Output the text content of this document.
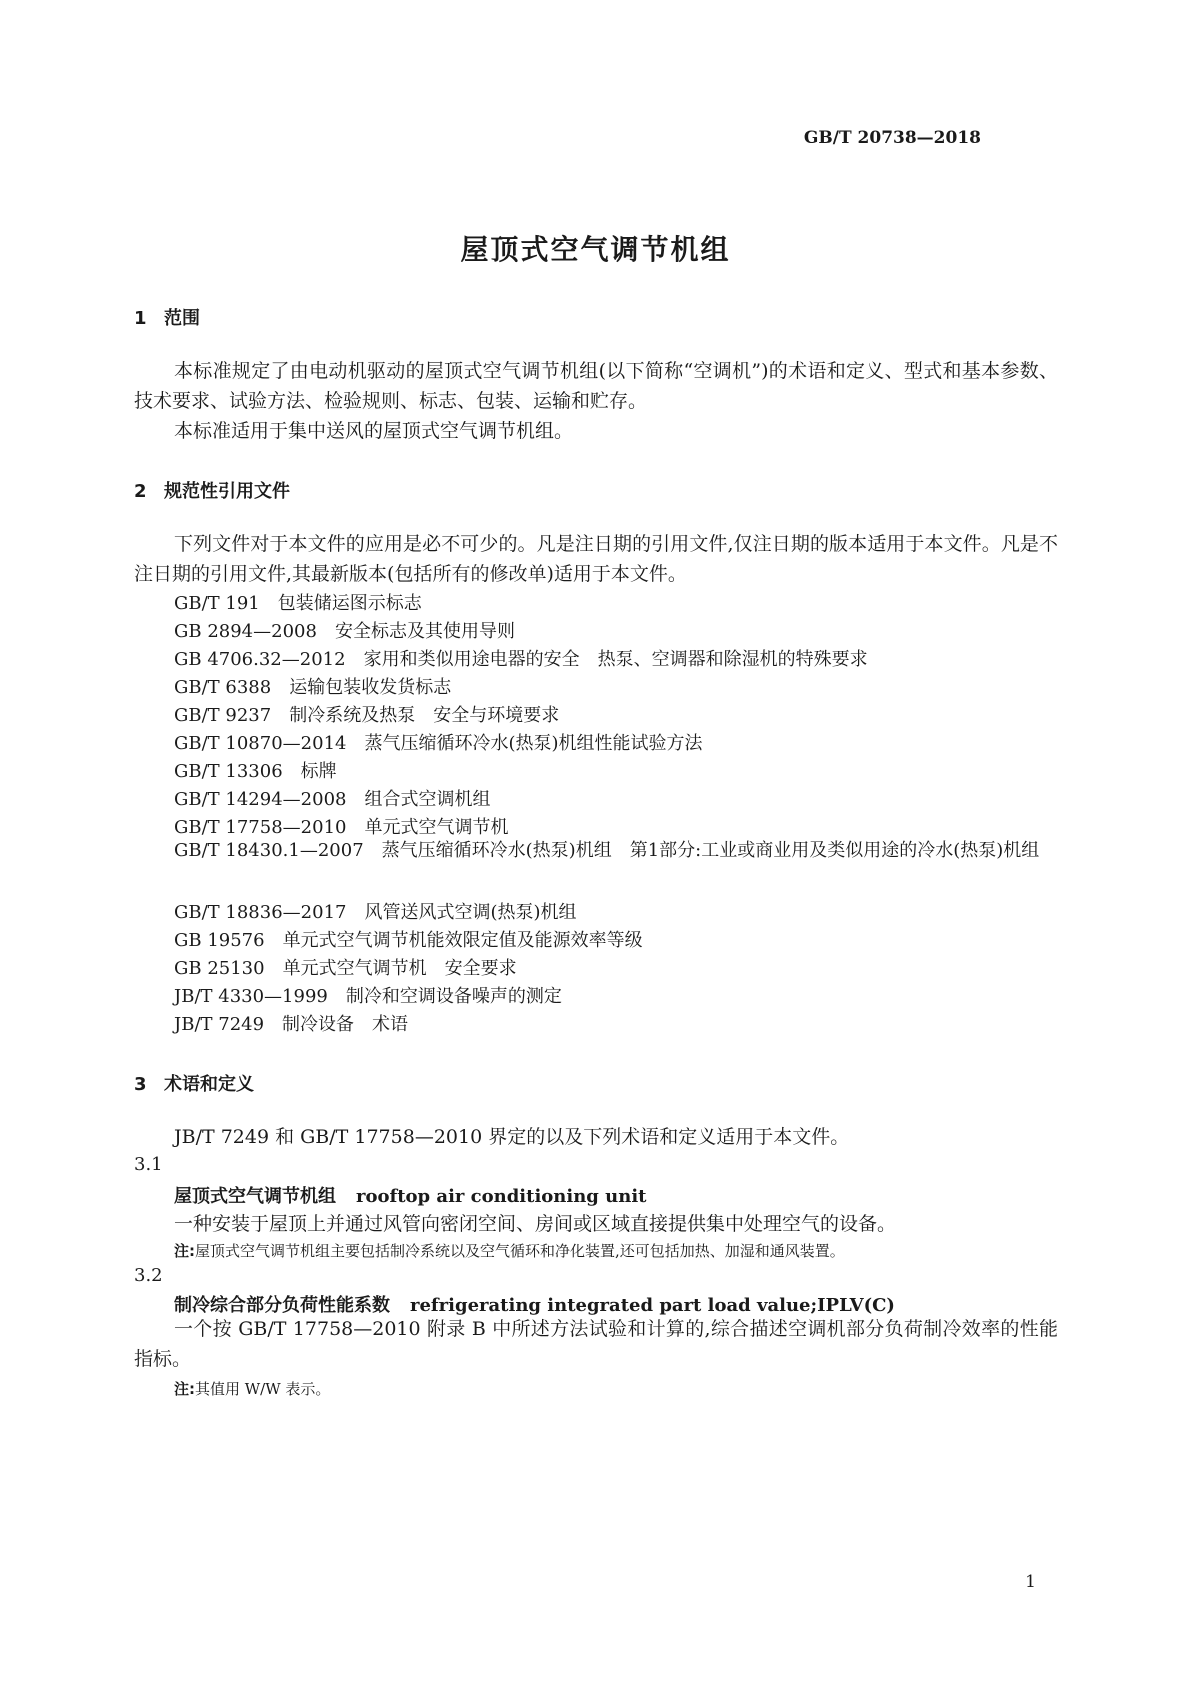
GB/T 20738—2018
屋顶式空气调节机组
1 范围
本标准规定了由电动机驱动的屋顶式空气调节机组(以下简称“空调机”)的术语和定义、型式和基本参数、技术要求、试验方法、检验规则、标志、包装、运输和贮存。
本标准适用于集中送风的屋顶式空气调节机组。
2 规范性引用文件
下列文件对于本文件的应用是必不可少的。凡是注日期的引用文件,仅注日期的版本适用于本文件。凡是不注日期的引用文件,其最新版本(包括所有的修改单)适用于本文件。
GB/T 191 包装储运图示标志
GB 2894—2008 安全标志及其使用导则
GB 4706.32—2012 家用和类似用途电器的安全　热泵、空调器和除湿机的特殊要求
GB/T 6388 运输包装收发货标志
GB/T 9237 制冷系统及热泵　安全与环境要求
GB/T 10870—2014 蒸气压缩循环冷水(热泵)机组性能试验方法
GB/T 13306 标牌
GB/T 14294—2008 组合式空调机组
GB/T 17758—2010 单元式空气调节机
GB/T 18430.1—2007 蒸气压缩循环冷水(热泵)机组　第1部分:工业或商业用及类似用途的冷水(热泵)机组
GB/T 18836—2017 风管送风式空调(热泵)机组
GB 19576 单元式空气调节机能效限定值及能源效率等级
GB 25130 单元式空气调节机　安全要求
JB/T 4330—1999 制冷和空调设备噪声的测定
JB/T 7249 制冷设备　术语
3 术语和定义
JB/T 7249 和 GB/T 17758—2010 界定的以及下列术语和定义适用于本文件。
3.1
屋顶式空气调节机组 rooftop air conditioning unit
一种安装于屋顶上并通过风管向密闭空间、房间或区域直接提供集中处理空气的设备。
注:屋顶式空气调节机组主要包括制冷系统以及空气循环和净化装置,还可包括加热、加湿和通风装置。
3.2
制冷综合部分负荷性能系数 refrigerating integrated part load value;IPLV(C)
一个按 GB/T 17758—2010 附录 B 中所述方法试验和计算的,综合描述空调机部分负荷制冷效率的性能指标。
注:其值用 W/W 表示。
1
